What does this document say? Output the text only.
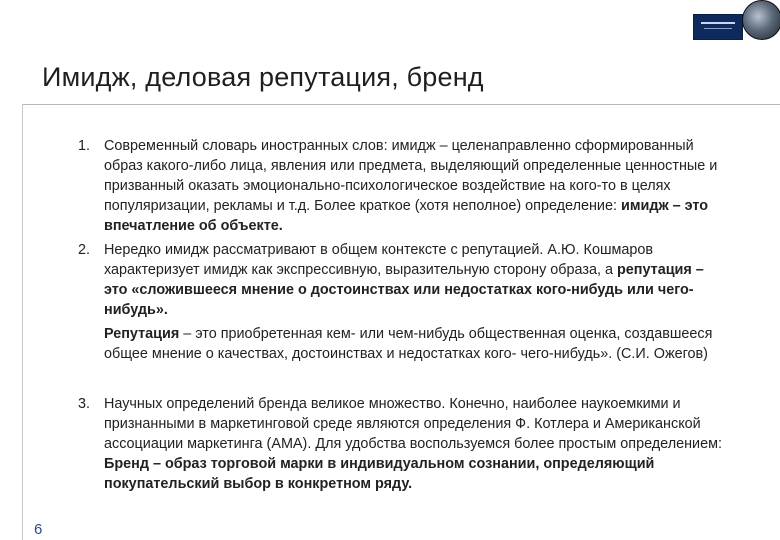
Имидж, деловая репутация, бренд
1. Современный словарь иностранных слов: имидж – целенаправленно сформированный образ какого-либо лица, явления или предмета, выделяющий определенные ценностные и призванный оказать эмоционально-психологическое воздействие на кого-то в целях популяризации, рекламы и т.д. Более краткое (хотя неполное) определение: имидж – это впечатление об объекте.
2. Нередко имидж рассматривают в общем контексте с репутацией. А.Ю. Кошмаров характеризует имидж как экспрессивную, выразительную сторону образа, а репутация – это «сложившееся мнение о достоинствах или недостатках кого-нибудь или чего-нибудь».
Репутация – это приобретенная кем- или чем-нибудь общественная оценка, создавшееся общее мнение о качествах, достоинствах и недостатках кого- чего-нибудь». (С.И. Ожегов)
3. Научных определений бренда великое множество. Конечно, наиболее наукоемкими и признанными в маркетинговой среде являются определения Ф. Котлера и Американской ассоциации маркетинга (АМА). Для удобства воспользуемся более простым определением: Бренд – образ торговой марки в индивидуальном сознании, определяющий покупательский выбор в конкретном ряду.
6
